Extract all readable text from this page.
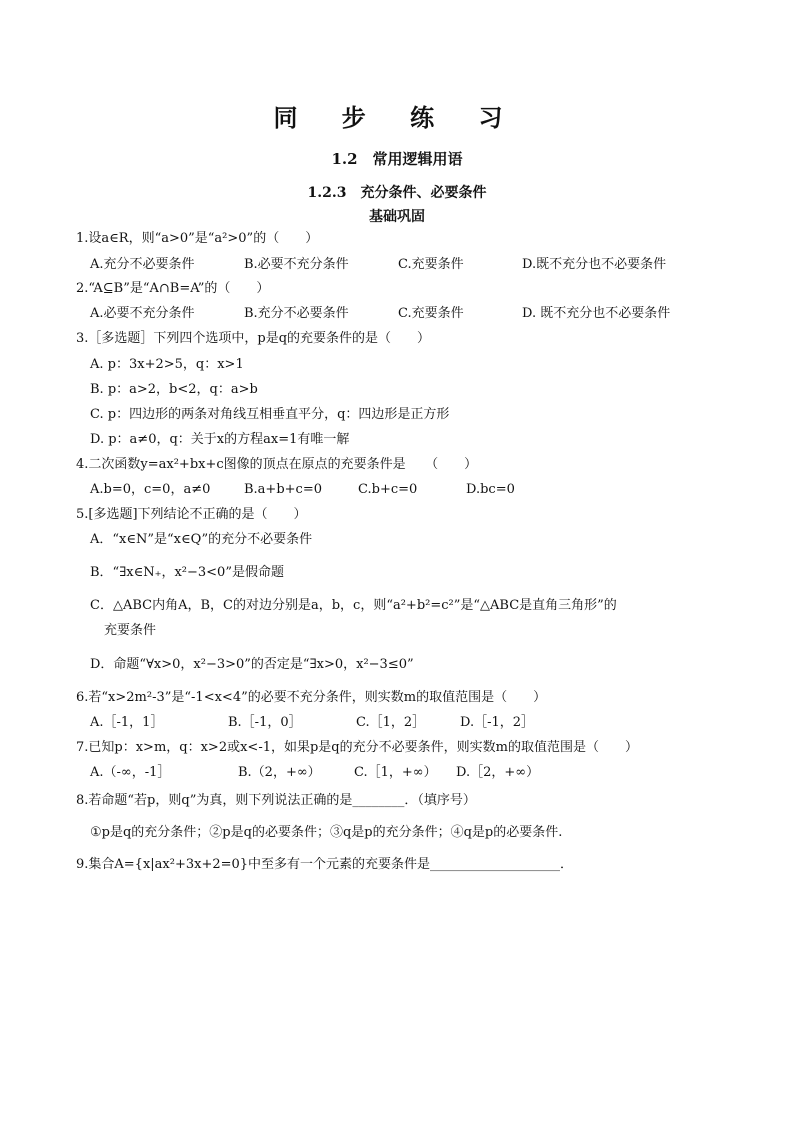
同 步 练 习
1.2　常用逻辑用语
1.2.3　充分条件、必要条件
基础巩固
1.设a∈R，则“a>0”是“a²>0”的（　　）
A.充分不必要条件	B.必要不充分条件	C.充要条件	D.既不充分也不必要条件
2.“A⊆B”是“A∩B=A”的（　　）
A.必要不充分条件	B.充分不必要条件	C.充要条件	D. 既不充分也不必要条件
3.［多选题］下列四个选项中，p是q的充要条件的是（　　）
A. p：3x+2>5，q：x>1
B. p：a>2，b<2，q：a>b
C. p：四边形的两条对角线互相垂直平分，q：四边形是正方形
D. p：a≠0，q：关于x的方程ax=1有唯一解
4.二次函数y=ax²+bx+c图像的顶点在原点的充要条件是　　（　　）
A.b=0，c=0，a≠0	B.a+b+c=0	C.b+c=0	D.bc=0
5.[多选题]下列结论不正确的是（　　）
A．“x∈N”是“x∈Q”的充分不必要条件
B．“∃x∈N₊，x²−3<0”是假命题
C．△ABC内角A，B，C的对边分别是a，b，c，则“a²+b²=c²”是“△ABC是直角三角形”的
充要条件
D．命题“∀x>0，x²−3>0”的否定是“∃x>0，x²−3≤0”
6.若“x>2m²-3”是“-1<x<4”的必要不充分条件，则实数m的取值范围是（　　）
A.［-1，1］	B.［-1，0］	C.［1，2］	D.［-1，2］
7.已知p：x>m，q：x>2或x<-1，如果p是q的充分不必要条件，则实数m的取值范围是（　　）
A.（-∞，-1］	B.（2，+∞）	C.［1，+∞） D.［2，+∞）
8.若命题“若p，则q”为真，则下列说法正确的是________．（填序号）
①p是q的充分条件；②p是q的必要条件；③q是p的充分条件；④q是p的必要条件.
9.集合A={x|ax²+3x+2=0}中至多有一个元素的充要条件是____________________．
